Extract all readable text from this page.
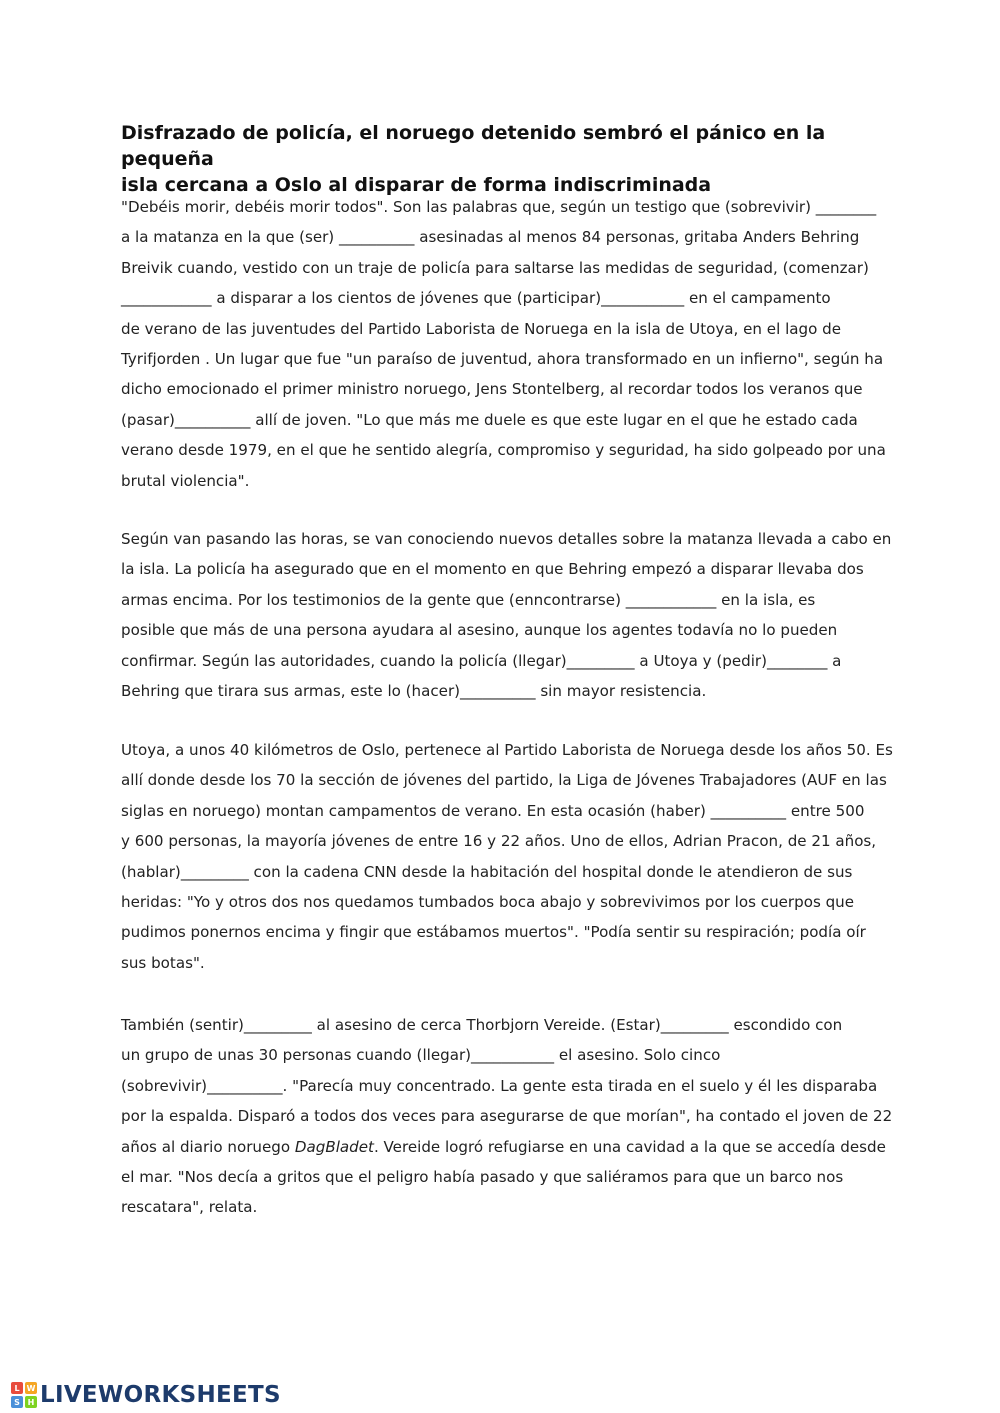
Disfrazado de policía, el noruego detenido sembró el pánico en la pequeña
isla cercana a Oslo al disparar de forma indiscriminada

"Debéis morir, debéis morir todos". Son las palabras que, según un testigo que (sobrevivir) ________
a la matanza en la que (ser) __________ asesinadas al menos 84 personas, gritaba Anders Behring
Breivik cuando, vestido con un traje de policía para saltarse las medidas de seguridad, (comenzar)
____________ a disparar a los cientos de jóvenes que (participar)___________ en el campamento
de verano de las juventudes del Partido Laborista de Noruega en la isla de Utoya, en el lago de
Tyrifjorden . Un lugar que fue "un paraíso de juventud, ahora transformado en un infierno", según ha
dicho emocionado el primer ministro noruego, Jens Stontelberg, al recordar todos los veranos que
(pasar)__________ allí de joven. "Lo que más me duele es que este lugar en el que he estado cada
verano desde 1979, en el que he sentido alegría, compromiso y seguridad, ha sido golpeado por una
brutal violencia".

Según van pasando las horas, se van conociendo nuevos detalles sobre la matanza llevada a cabo en
la isla. La policía ha asegurado que en el momento en que Behring empezó a disparar llevaba dos
armas encima. Por los testimonios de la gente que (enncontrarse) ____________ en la isla, es
posible que más de una persona ayudara al asesino, aunque los agentes todavía no lo pueden
confirmar. Según las autoridades, cuando la policía (llegar)_________ a Utoya y (pedir)________ a
Behring que tirara sus armas, este lo (hacer)__________ sin mayor resistencia.

Utoya, a unos 40 kilómetros de Oslo, pertenece al Partido Laborista de Noruega desde los años 50. Es
allí donde desde los 70 la sección de jóvenes del partido, la Liga de Jóvenes Trabajadores (AUF en las
siglas en noruego) montan campamentos de verano. En esta ocasión (haber) __________ entre 500
y 600 personas, la mayoría jóvenes de entre 16 y 22 años. Uno de ellos, Adrian Pracon, de 21 años,
(hablar)_________ con la cadena CNN desde la habitación del hospital donde le atendieron de sus
heridas: "Yo y otros dos nos quedamos tumbados boca abajo y sobrevivimos por los cuerpos que
pudimos ponernos encima y fingir que estábamos muertos". "Podía sentir su respiración; podía oír
sus botas".

También (sentir)_________ al asesino de cerca Thorbjorn Vereide. (Estar)_________ escondido con
un grupo de unas 30 personas cuando (llegar)___________ el asesino. Solo cinco
(sobrevivir)__________. "Parecía muy concentrado. La gente esta tirada en el suelo y él les disparaba
por la espalda. Disparó a todos dos veces para asegurarse de que morían", ha contado el joven de 22
años al diario noruego DagBladet. Vereide logró refugiarse en una cavidad a la que se accedía desde
el mar. "Nos decía a gritos que el peligro había pasado y que saliéramos para que un barco nos
rescatara", relata.

L W
S H LIVEWORKSHEETS
